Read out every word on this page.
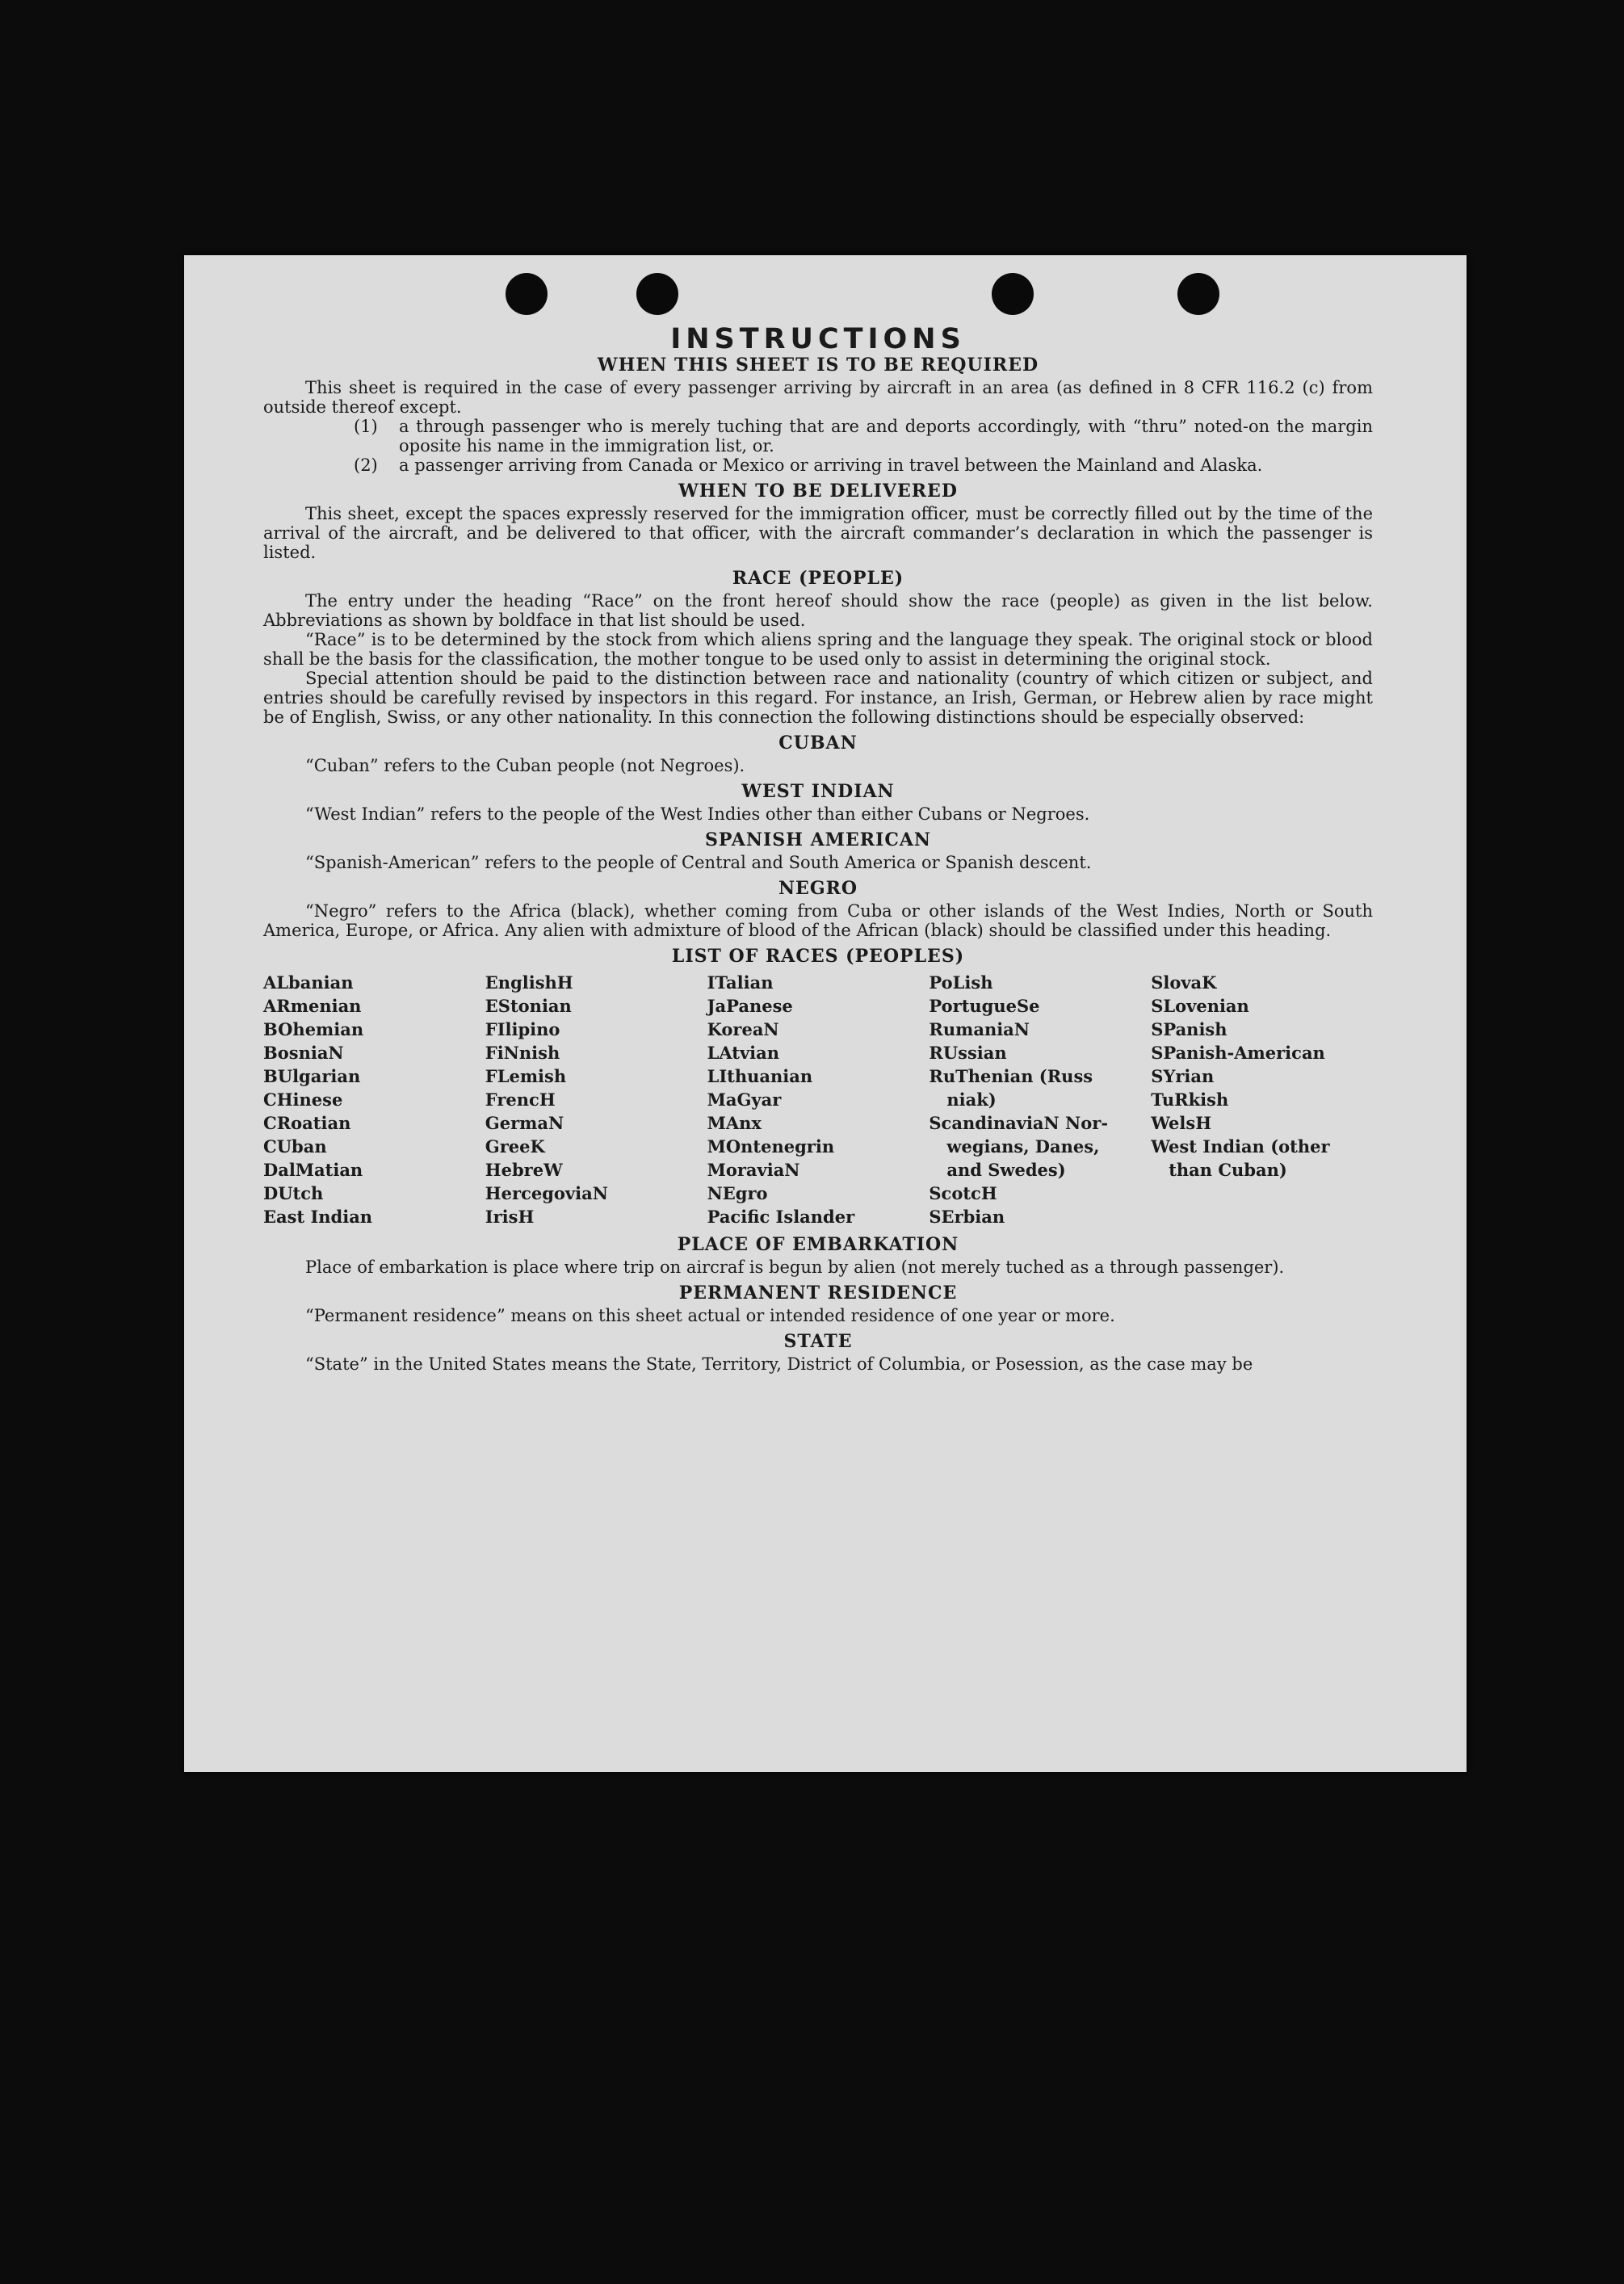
INSTRUCTIONS
WHEN THIS SHEET IS TO BE REQUIRED

This sheet is required in the case of every passenger arriving by aircraft in an area (as defined in 8 CFR 116.2 (c) from outside thereof except.

(1)	a through passenger who is merely tuching that are and deports accordingly, with “thru” noted-on the margin oposite his name in the immigration list, or.
(2)	a passenger arriving from Canada or Mexico or arriving in travel between the Mainland and Alaska.
WHEN TO BE DELIVERED

This sheet, except the spaces expressly reserved for the immigration officer, must be correctly filled out by the time of the arrival of the aircraft, and be delivered to that officer, with the aircraft commander’s declaration in which the passenger is listed.

RACE (PEOPLE)

The entry under the heading “Race” on the front hereof should show the race (people) as given in the list below. Abbreviations as shown by boldface in that list should be used.

“Race” is to be determined by the stock from which aliens spring and the language they speak. The original stock or blood shall be the basis for the classification, the mother tongue to be used only to assist in determining the original stock.

Special attention should be paid to the distinction between race and nationality (country of which citizen or subject, and entries should be carefully revised by inspectors in this regard. For instance, an Irish, German, or Hebrew alien by race might be of English, Swiss, or any other nationality. In this connection the following distinctions should be especially observed:

CUBAN

“Cuban” refers to the Cuban people (not Negroes).

WEST INDIAN

“West Indian” refers to the people of the West Indies other than either Cubans or Negroes.

SPANISH AMERICAN

“Spanish-American” refers to the people of Central and South America or Spanish descent.

NEGRO

“Negro” refers to the Africa (black), whether coming from Cuba or other islands of the West Indies, North or South America, Europe, or Africa. Any alien with admixture of blood of the African (black) should be classified under this heading.

LIST OF RACES (PEOPLES)
ALbanian
ARmenian
BOhemian
BosniaN
BUlgarian
CHinese
CRoatian
CUban
DalMatian
DUtch
East Indian
EnglishH
EStonian
FIlipino
FiNnish
FLemish
FrencH
GermaN
GreeK
HebreW
HercegoviaN
IrisH
ITalian
JaPanese
KoreaN
LAtvian
LIthuanian
MaGyar
MAnx
MOntenegrin
MoraviaN
NEgro
Pacific Islander
PoLish
PortugueSe
RumaniaN
RUssian
RuThenian (Russ
niak)
ScandinaviaN Nor-
wegians, Danes,
and Swedes)
ScotcH
SErbian
SlovaK
SLovenian
SPanish
SPanish-American
SYrian
TuRkish
WelsH
West Indian (other
than Cuban)
PLACE OF EMBARKATION

Place of embarkation is place where trip on aircraf is begun by alien (not merely tuched as a through passenger).

PERMANENT RESIDENCE

“Permanent residence” means on this sheet actual or intended residence of one year or more.

STATE

“State” in the United States means the State, Territory, District of Columbia, or Posession, as the case may be
